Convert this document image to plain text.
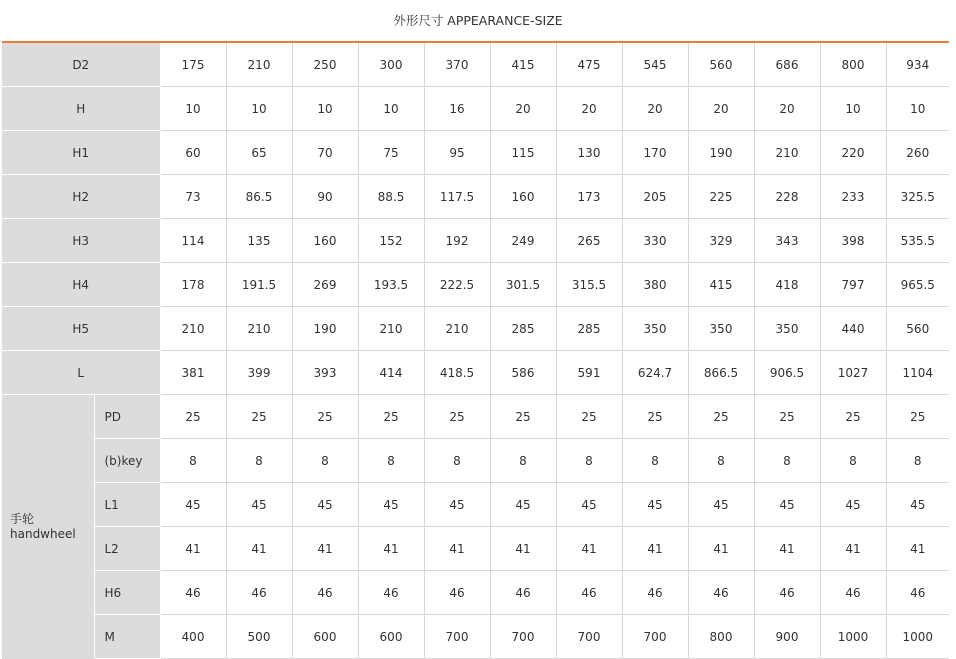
外形尺寸 APPEARANCE-SIZE
D2		175	210	250	300	370	415	475	545	560	686	800	934
H		10	10	10	10	16	20	20	20	20	20	10	10
H1		60	65	70	75	95	115	130	170	190	210	220	260
H2		73	86.5	90	88.5	117.5	160	173	205	225	228	233	325.5
H3		114	135	160	152	192	249	265	330	329	343	398	535.5
H4		178	191.5	269	193.5	222.5	301.5	315.5	380	415	418	797	965.5
H5		210	210	190	210	210	285	285	350	350	350	440	560
L		381	399	393	414	418.5	586	591	624.7	866.5	906.5	1027	1104

手轮
handwheel	PD	25	25	25	25	25	25	25	25	25	25	25	25
	(b)key	8	8	8	8	8	8	8	8	8	8	8	8
	L1	45	45	45	45	45	45	45	45	45	45	45	45
	L2	41	41	41	41	41	41	41	41	41	41	41	41
	H6	46	46	46	46	46	46	46	46	46	46	46	46
	M	400	500	600	600	700	700	700	700	800	900	1000	1000
